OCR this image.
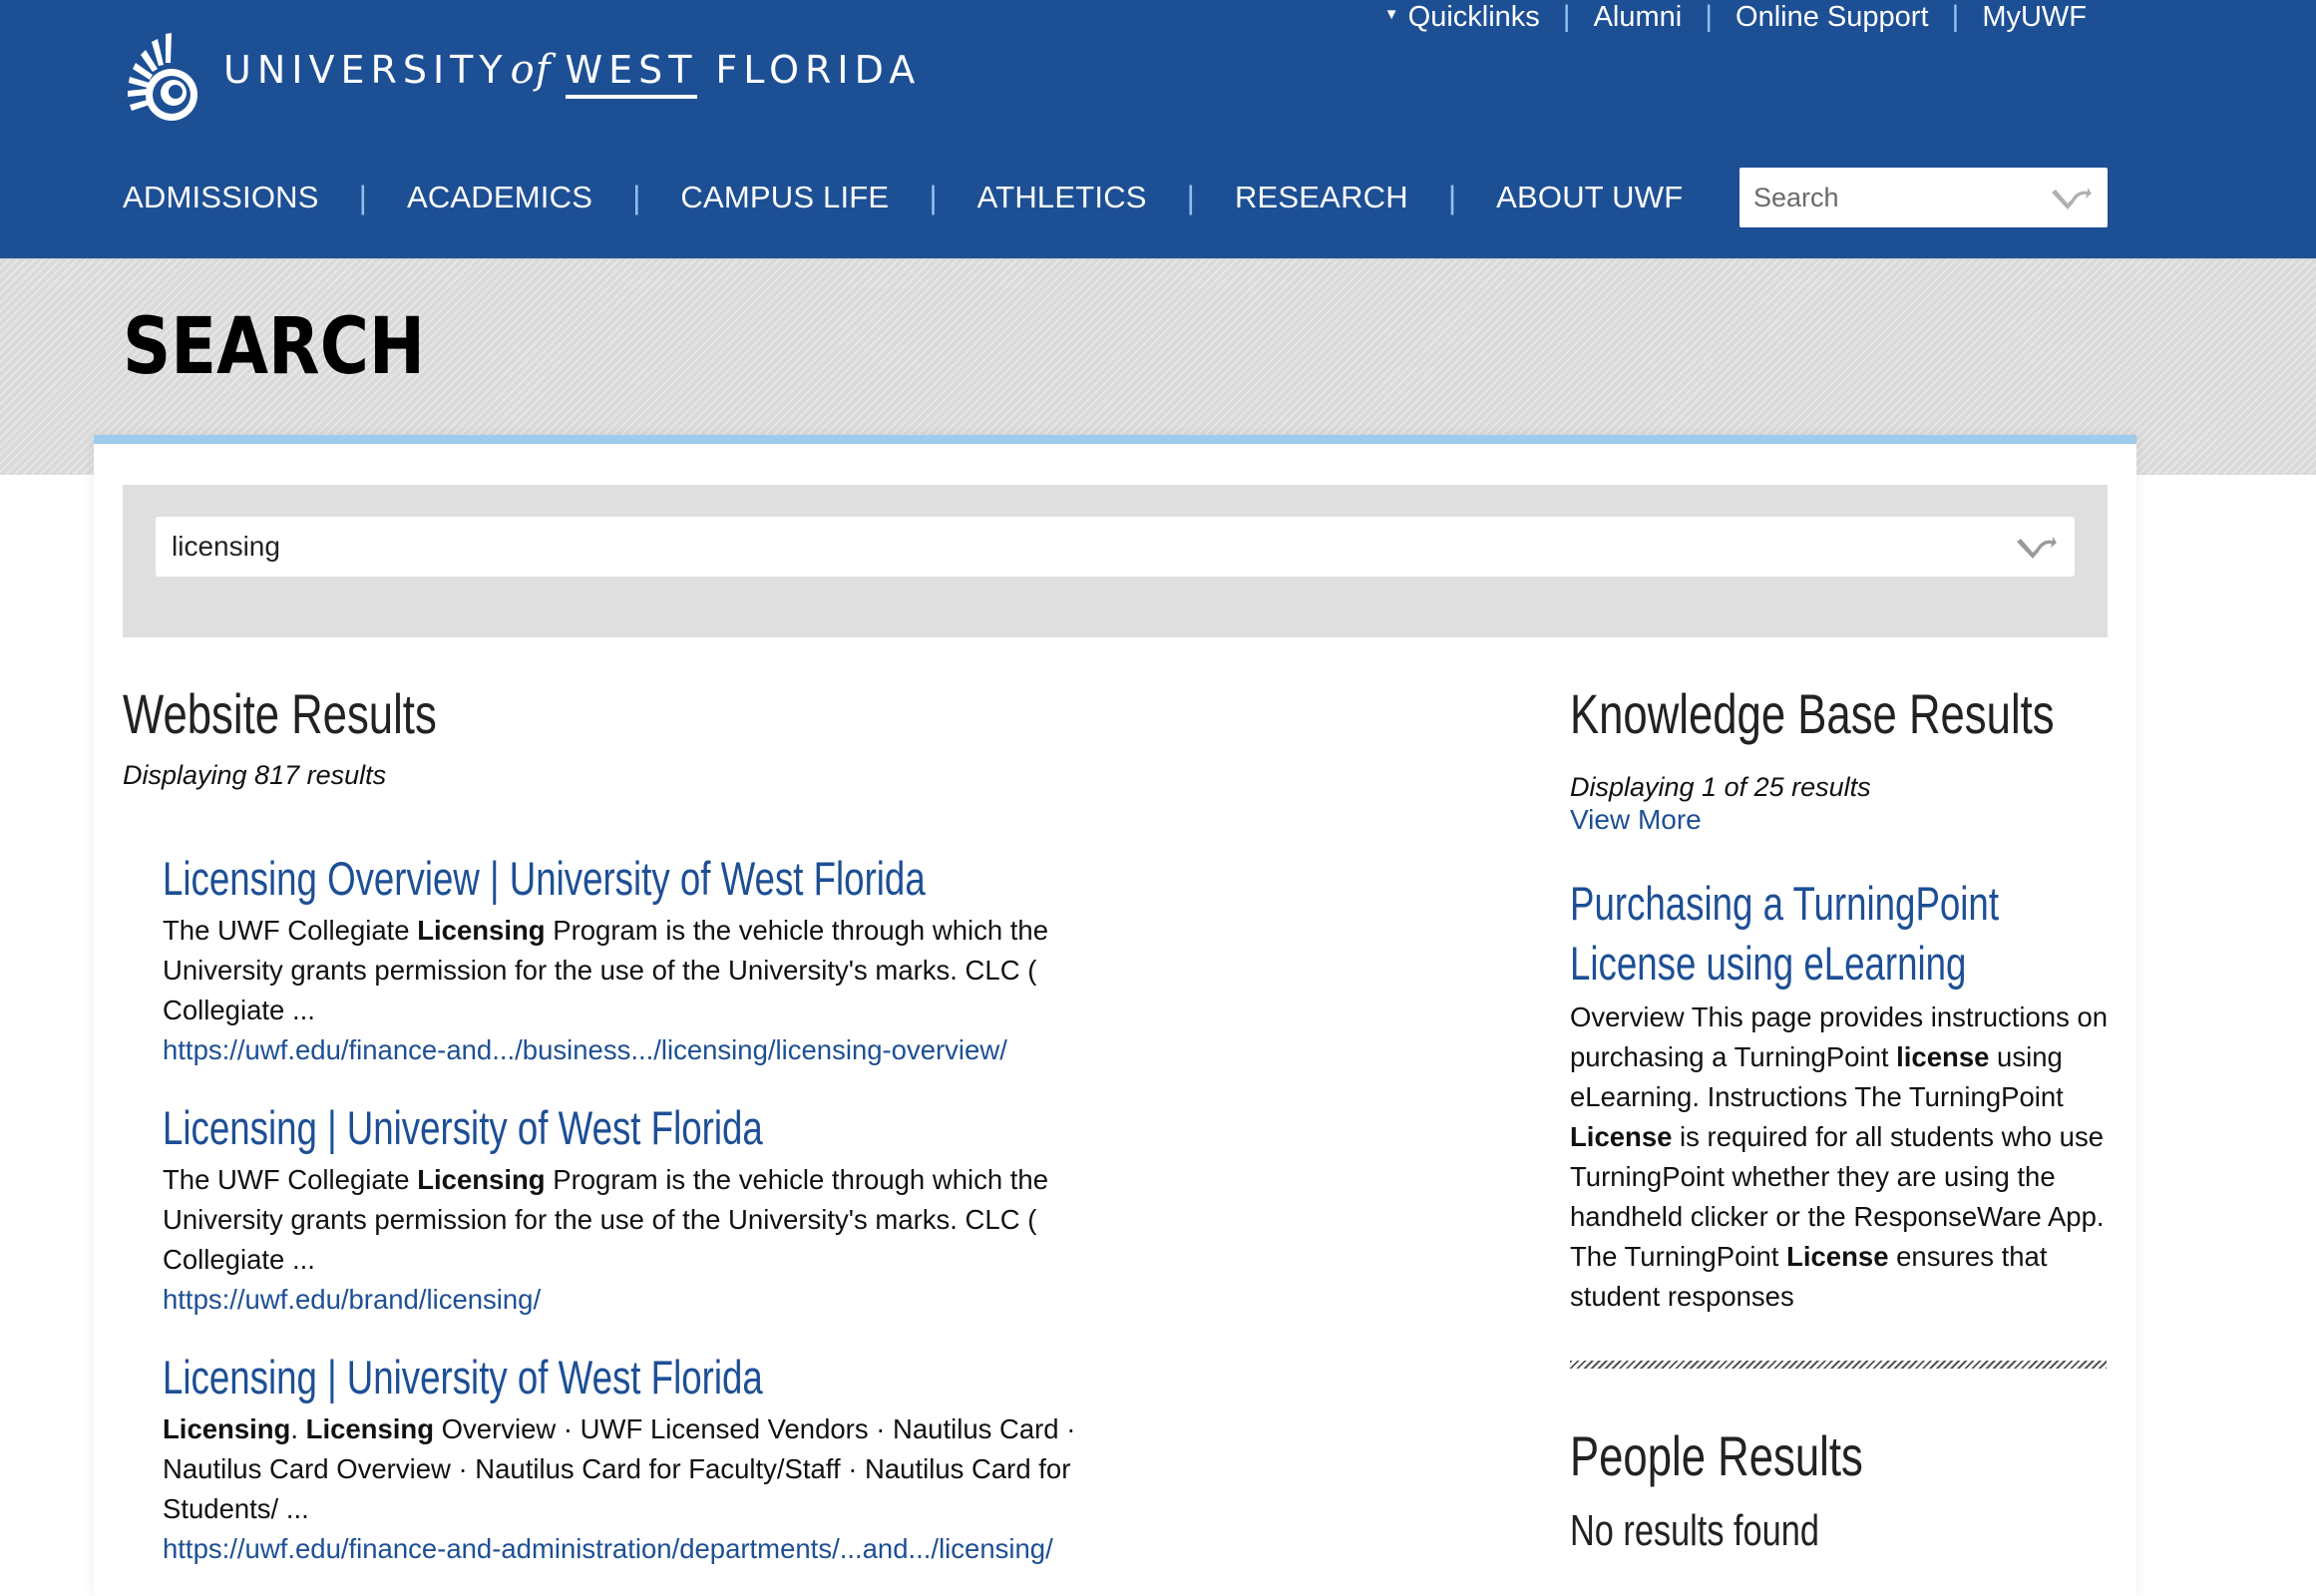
UNIVERSITY of WEST FLORIDA
▼ Quicklinks | Alumni | Online Support | MyUWF
ADMISSIONS | ACADEMICS | CAMPUS LIFE | ATHLETICS | RESEARCH | ABOUT UWF
Search
SEARCH
licensing
Website Results
Displaying 817 results
Licensing Overview | University of West Florida
The UWF Collegiate Licensing Program is the vehicle through which the University grants permission for the use of the University's marks. CLC ( Collegiate ...
https://uwf.edu/finance-and.../business.../licensing/licensing-overview/
Licensing | University of West Florida
The UWF Collegiate Licensing Program is the vehicle through which the University grants permission for the use of the University's marks. CLC ( Collegiate ...
https://uwf.edu/brand/licensing/
Licensing | University of West Florida
Licensing. Licensing Overview · UWF Licensed Vendors · Nautilus Card · Nautilus Card Overview · Nautilus Card for Faculty/Staff · Nautilus Card for Students/ ...
https://uwf.edu/finance-and-administration/departments/...and.../licensing/
Knowledge Base Results
Displaying 1 of 25 results
View More
Purchasing a TurningPoint License using eLearning
Overview This page provides instructions on purchasing a TurningPoint license using eLearning. Instructions The TurningPoint License is required for all students who use TurningPoint whether they are using the handheld clicker or the ResponseWare App. The TurningPoint License ensures that student responses
People Results
No results found
